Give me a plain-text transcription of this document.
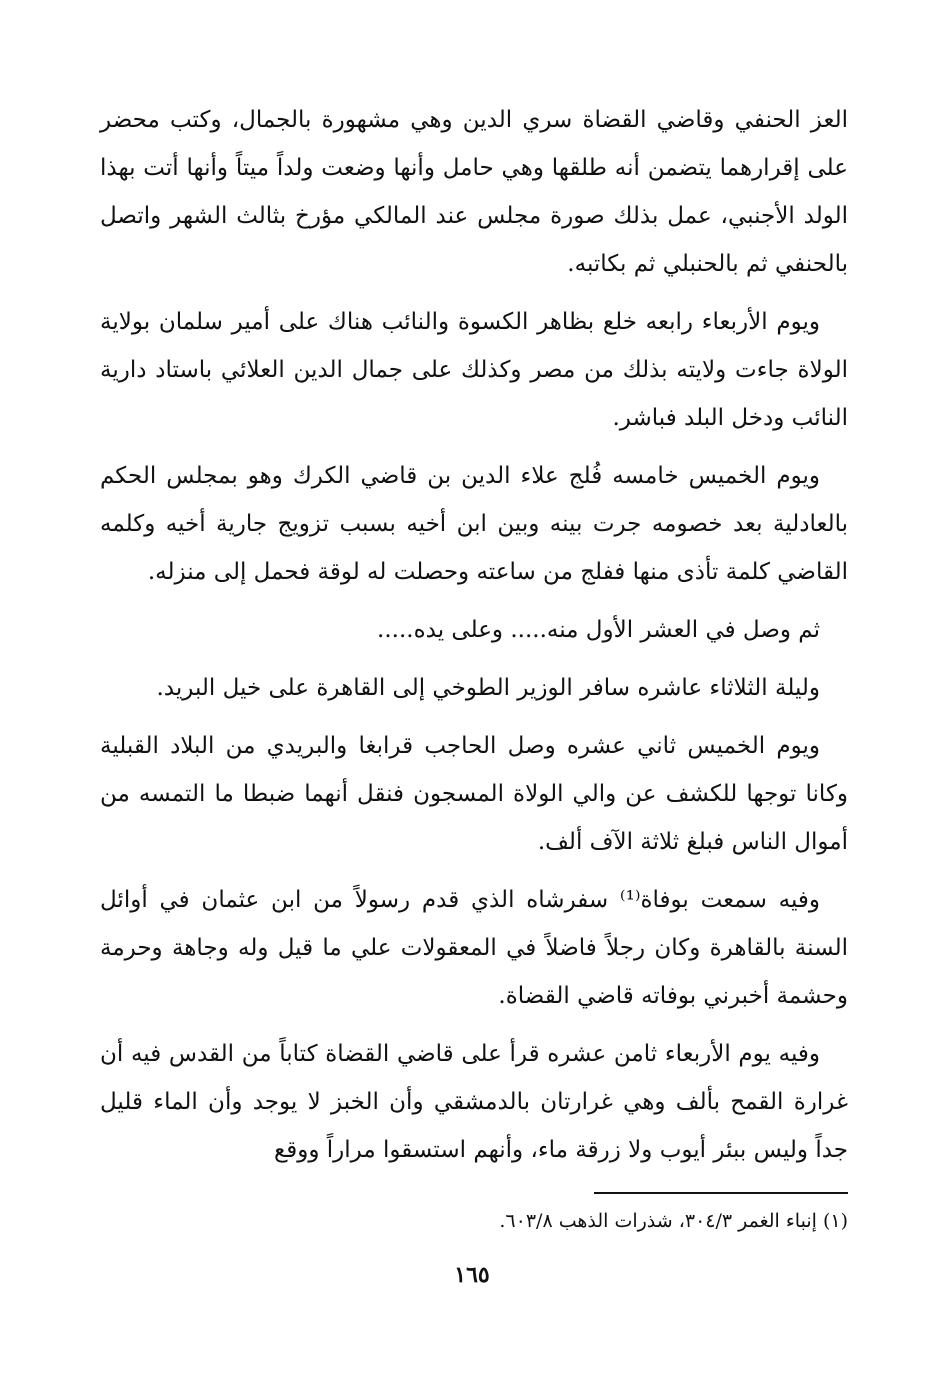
العز الحنفي وقاضي القضاة سري الدين وهي مشهورة بالجمال، وكتب محضر على إقرارهما يتضمن أنه طلقها وهي حامل وأنها وضعت ولداً ميتاً وأنها أتت بهذا الولد الأجنبي، عمل بذلك صورة مجلس عند المالكي مؤرخ بثالث الشهر واتصل بالحنفي ثم بالحنبلي ثم بكاتبه.

ويوم الأربعاء رابعه خلع بظاهر الكسوة والنائب هناك على أمير سلمان بولاية الولاة جاءت ولايته بذلك من مصر وكذلك على جمال الدين العلائي باستاد دارية النائب ودخل البلد فباشر.

ويوم الخميس خامسه فُلج علاء الدين بن قاضي الكرك وهو بمجلس الحكم بالعادلية بعد خصومه جرت بينه وبين ابن أخيه بسبب تزويج جارية أخيه وكلمه القاضي كلمة تأذى منها ففلج من ساعته وحصلت له لوقة فحمل إلى منزله.

ثم وصل في العشر الأول منه..... وعلى يده.....

وليلة الثلاثاء عاشره سافر الوزير الطوخي إلى القاهرة على خيل البريد.

ويوم الخميس ثاني عشره وصل الحاجب قرابغا والبريدي من البلاد القبلية وكانا توجها للكشف عن والي الولاة المسجون فنقل أنهما ضبطا ما التمسه من أموال الناس فبلغ ثلاثة الآف ألف.

وفيه سمعت بوفاة⁽¹⁾ سفرشاه الذي قدم رسولاً من ابن عثمان في أوائل السنة بالقاهرة وكان رجلاً فاضلاً في المعقولات علي ما قيل وله وجاهة وحرمة وحشمة أخبرني بوفاته قاضي القضاة.

وفيه يوم الأربعاء ثامن عشره قرأ على قاضي القضاة كتاباً من القدس فيه أن غرارة القمح بألف وهي غرارتان بالدمشقي وأن الخبز لا يوجد وأن الماء قليل جداً وليس ببئر أيوب ولا زرقة ماء، وأنهم استسقوا مراراً ووقع

(١) إنباء الغمر ٣٠٤/٣، شذرات الذهب ٦٠٣/٨.
١٦٥
